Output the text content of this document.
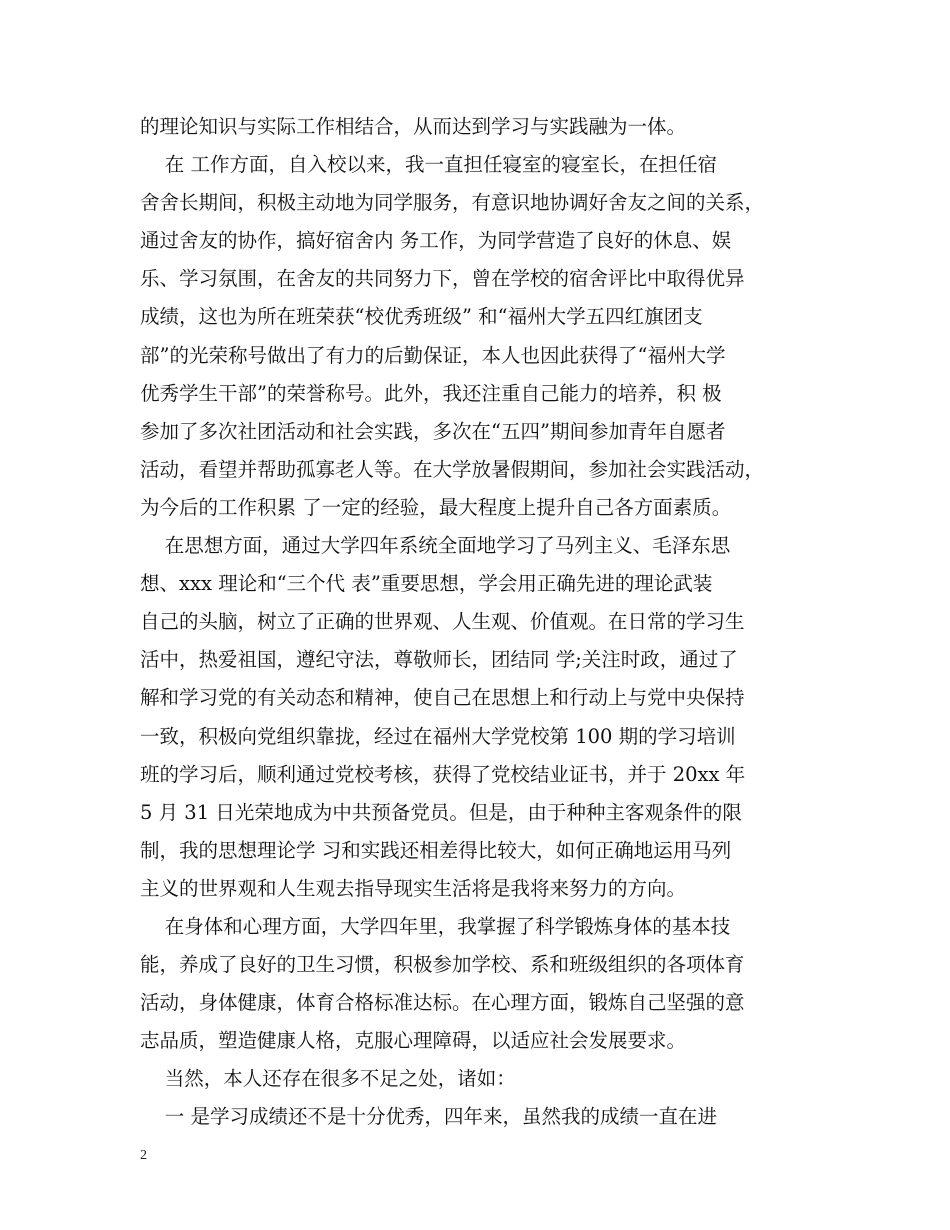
的理论知识与实际工作相结合，从而达到学习与实践融为一体。
在 工作方面，自入校以来，我一直担任寝室的寝室长，在担任宿
舍舍长期间，积极主动地为同学服务，有意识地协调好舍友之间的关系，
通过舍友的协作，搞好宿舍内 务工作，为同学营造了良好的休息、娱
乐、学习氛围，在舍友的共同努力下，曾在学校的宿舍评比中取得优异
成绩，这也为所在班荣获“校优秀班级” 和“福州大学五四红旗团支
部”的光荣称号做出了有力的后勤保证，本人也因此获得了“福州大学
优秀学生干部”的荣誉称号。此外，我还注重自己能力的培养，积 极
参加了多次社团活动和社会实践，多次在“五四”期间参加青年自愿者
活动，看望并帮助孤寡老人等。在大学放暑假期间，参加社会实践活动，
为今后的工作积累 了一定的经验，最大程度上提升自己各方面素质。
在思想方面，通过大学四年系统全面地学习了马列主义、毛泽东思
想、xxx 理论和“三个代 表”重要思想，学会用正确先进的理论武装
自己的头脑，树立了正确的世界观、人生观、价值观。在日常的学习生
活中，热爱祖国，遵纪守法，尊敬师长，团结同 学;关注时政，通过了
解和学习党的有关动态和精神，使自己在思想上和行动上与党中央保持
一致，积极向党组织靠拢，经过在福州大学党校第 100 期的学习培训
班的学习后，顺利通过党校考核，获得了党校结业证书，并于 20xx 年
5 月 31 日光荣地成为中共预备党员。但是，由于种种主客观条件的限
制，我的思想理论学 习和实践还相差得比较大，如何正确地运用马列
主义的世界观和人生观去指导现实生活将是我将来努力的方向。
在身体和心理方面，大学四年里，我掌握了科学锻炼身体的基本技
能，养成了良好的卫生习惯，积极参加学校、系和班级组织的各项体育
活动，身体健康，体育合格标准达标。在心理方面，锻炼自己坚强的意
志品质，塑造健康人格，克服心理障碍，以适应社会发展要求。
当然，本人还存在很多不足之处，诸如：
一 是学习成绩还不是十分优秀，四年来，虽然我的成绩一直在进
2
